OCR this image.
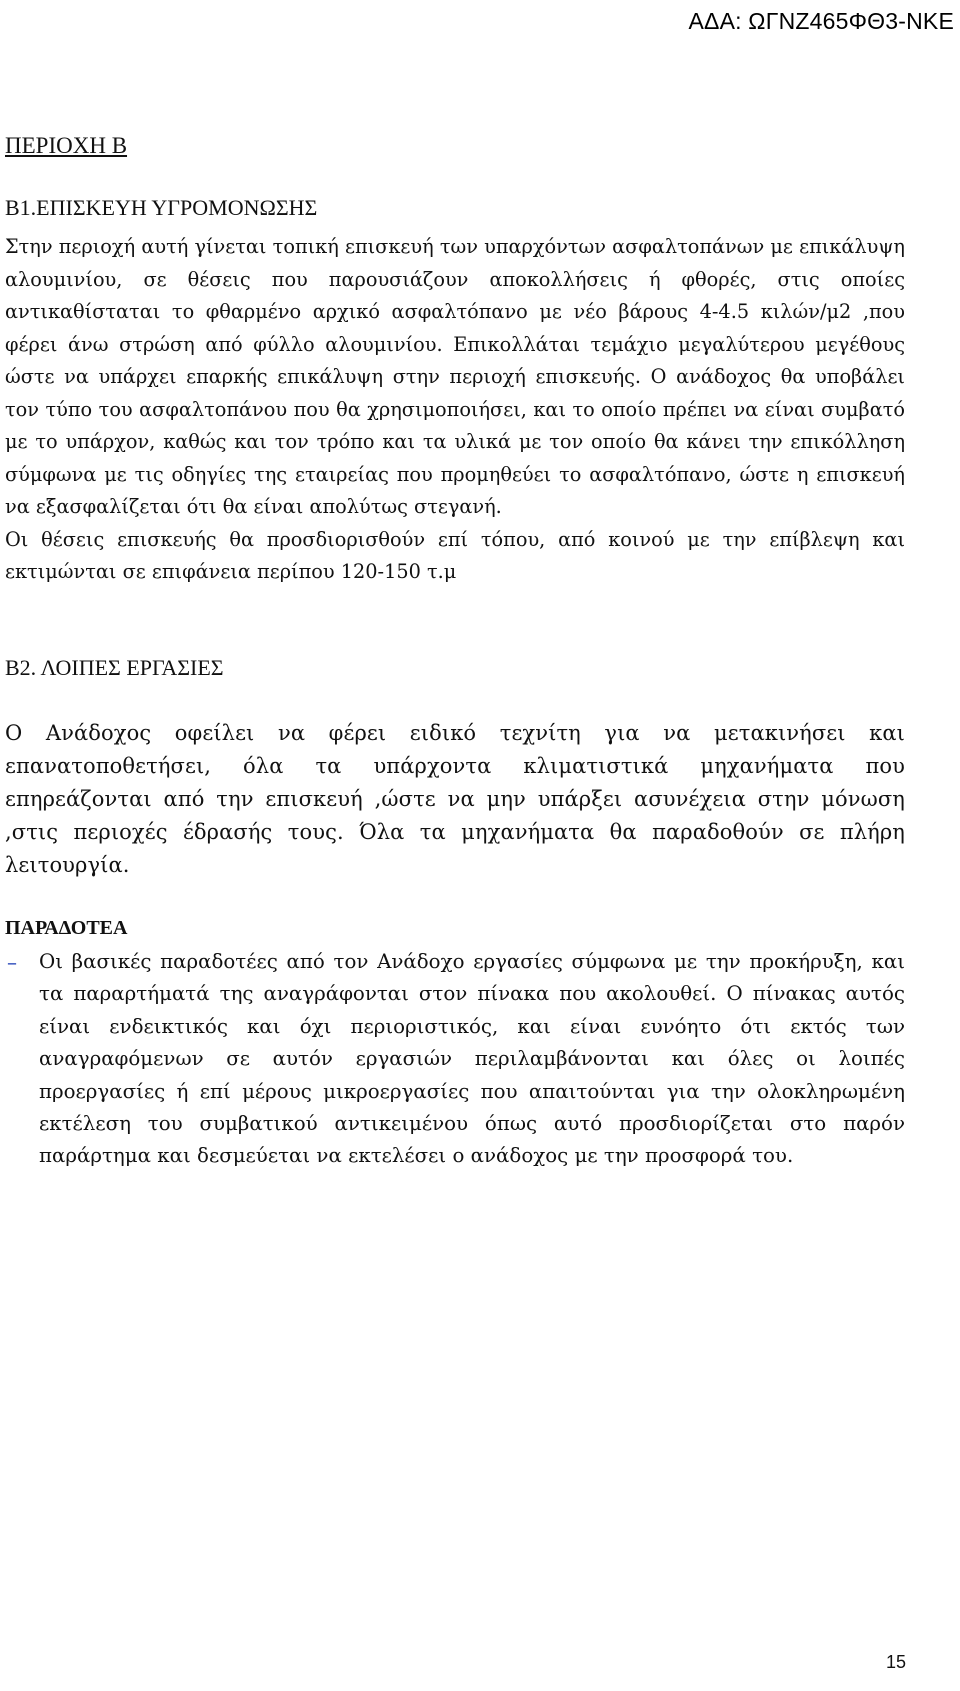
ΑΔΑ: ΩΓΝΖ465ΦΘ3-ΝΚΕ
ΠΕΡΙΟΧΗ Β
Β1.ΕΠΙΣΚΕΥΗ ΥΓΡΟΜΟΝΩΣΗΣ
Στην περιοχή αυτή γίνεται τοπική επισκευή των υπαρχόντων ασφαλτοπάνων με επικάλυψη αλουμινίου, σε θέσεις που παρουσιάζουν αποκολλήσεις ή φθορές, στις οποίες αντικαθίσταται το φθαρμένο αρχικό ασφαλτόπανο με νέο βάρους 4-4.5 κιλών/μ2 ,που φέρει άνω στρώση από φύλλο αλουμινίου. Επικολλάται τεμάχιο μεγαλύτερου μεγέθους ώστε να υπάρχει επαρκής επικάλυψη στην περιοχή επισκευής. Ο ανάδοχος θα υποβάλει τον τύπο του ασφαλτοπάνου που θα χρησιμοποιήσει, και το οποίο πρέπει να είναι συμβατό με το υπάρχον, καθώς και τον τρόπο και τα υλικά με τον οποίο θα κάνει την επικόλληση σύμφωνα με τις οδηγίες της εταιρείας που προμηθεύει το ασφαλτόπανο, ώστε η επισκευή να εξασφαλίζεται ότι θα είναι απολύτως στεγανή.
Οι θέσεις επισκευής θα προσδιορισθούν επί τόπου, από κοινού με την επίβλεψη και εκτιμώνται σε επιφάνεια περίπου 120-150 τ.μ
Β2. ΛΟΙΠΕΣ ΕΡΓΑΣΙΕΣ
Ο Ανάδοχος οφείλει να φέρει ειδικό τεχνίτη για να μετακινήσει και επανατοποθετήσει, όλα τα υπάρχοντα κλιματιστικά μηχανήματα που επηρεάζονται από την επισκευή ,ώστε να μην υπάρξει ασυνέχεια στην μόνωση ,στις περιοχές έδρασής τους. Όλα τα μηχανήματα θα παραδοθούν σε πλήρη λειτουργία.
ΠΑΡΑΔΟΤΕΑ
–	Οι βασικές παραδοτέες από τον Ανάδοχο εργασίες σύμφωνα με την προκήρυξη, και τα παραρτήματά της αναγράφονται στον πίνακα που ακολουθεί. Ο πίνακας αυτός είναι ενδεικτικός και όχι περιοριστικός, και είναι ευνόητο ότι εκτός των αναγραφόμενων σε αυτόν εργασιών περιλαμβάνονται και όλες οι λοιπές προεργασίες ή επί μέρους μικροεργασίες που απαιτούνται για την ολοκληρωμένη εκτέλεση του συμβατικού αντικειμένου όπως αυτό προσδιορίζεται στο παρόν παράρτημα και δεσμεύεται να εκτελέσει ο ανάδοχος με την προσφορά του.
15
